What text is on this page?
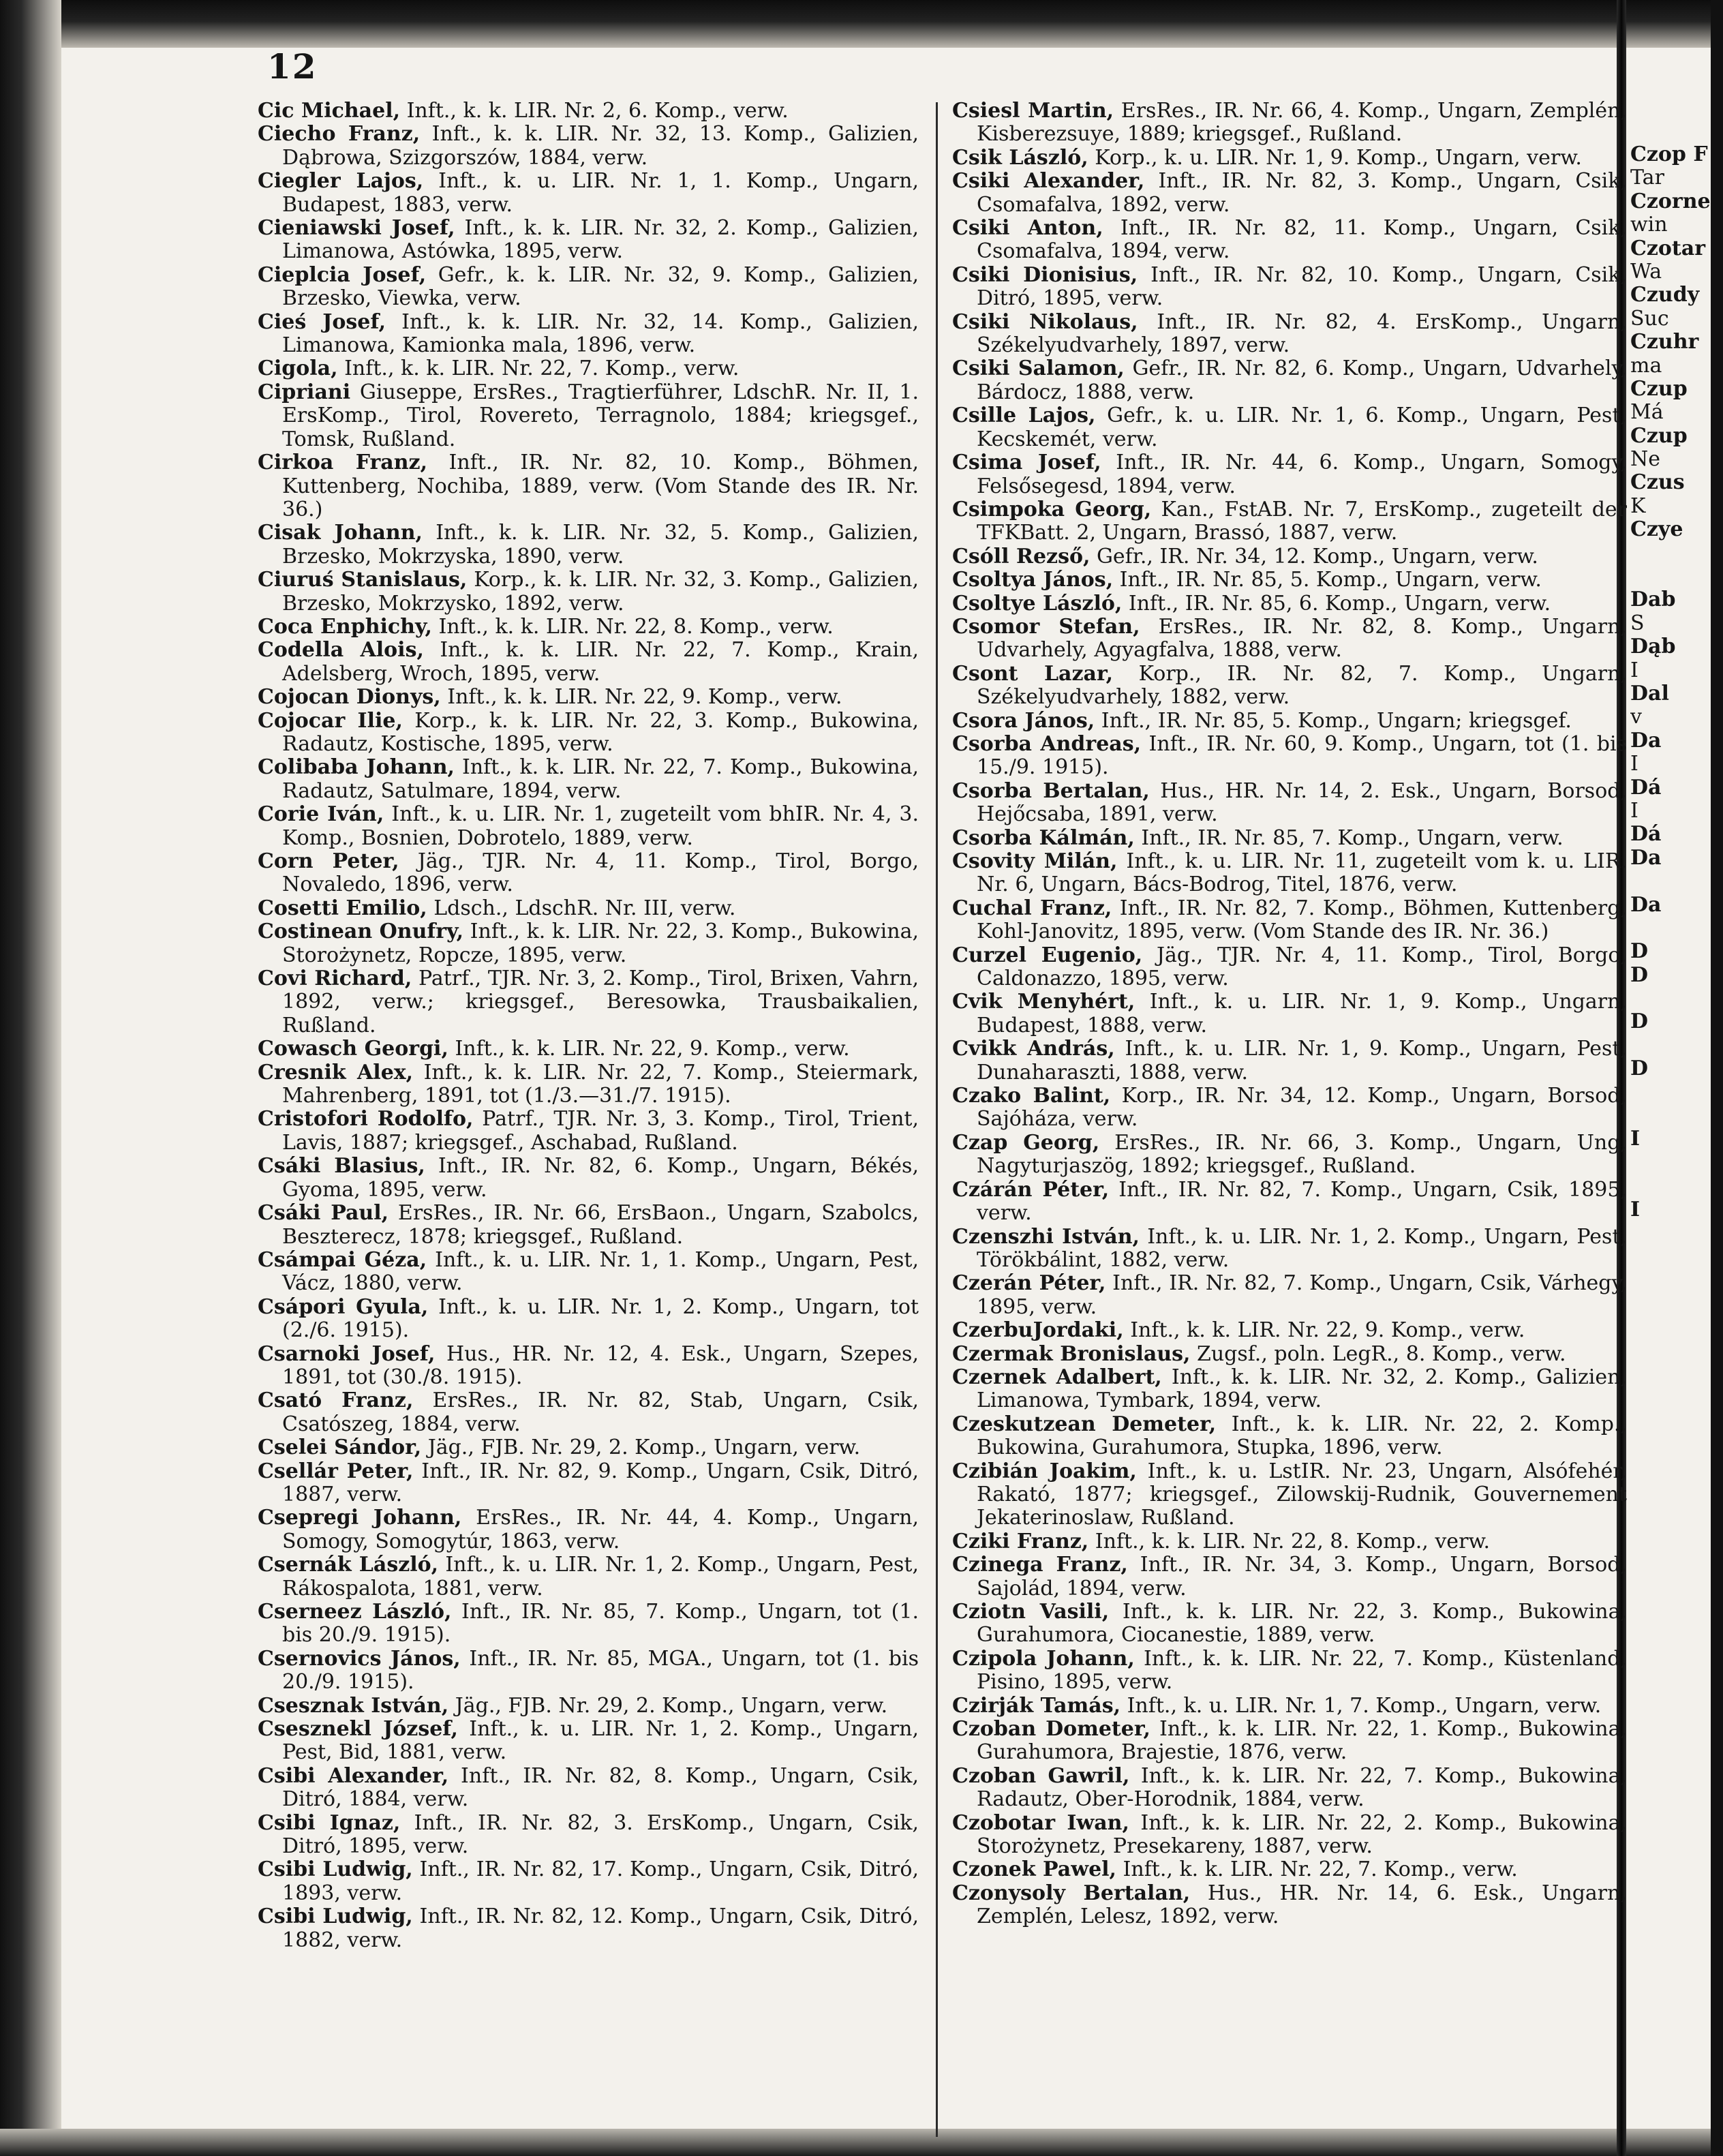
12

Cic Michael, Inft., k. k. LIR. Nr. 2, 6. Komp., verw.

Ciecho Franz, Inft., k. k. LIR. Nr. 32, 13. Komp., Galizien, Dąbrowa, Szizgorszów, 1884, verw.

Ciegler Lajos, Inft., k. u. LIR. Nr. 1, 1. Komp., Ungarn, Budapest, 1883, verw.

Cieniawski Josef, Inft., k. k. LIR. Nr. 32, 2. Komp., Galizien, Limanowa, Astówka, 1895, verw.

Cieplcia Josef, Gefr., k. k. LIR. Nr. 32, 9. Komp., Galizien, Brzesko, Viewka, verw.

Cieś Josef, Inft., k. k. LIR. Nr. 32, 14. Komp., Galizien, Limanowa, Kamionka mala, 1896, verw.

Cigola, Inft., k. k. LIR. Nr. 22, 7. Komp., verw.

Cipriani Giuseppe, ErsRes., Tragtierführer, LdschR. Nr. II, 1. ErsKomp., Tirol, Rovereto, Terragnolo, 1884; kriegsgef., Tomsk, Rußland.

Cirkoa Franz, Inft., IR. Nr. 82, 10. Komp., Böhmen, Kuttenberg, Nochiba, 1889, verw. (Vom Stande des IR. Nr. 36.)

Cisak Johann, Inft., k. k. LIR. Nr. 32, 5. Komp., Galizien, Brzesko, Mokrzyska, 1890, verw.

Ciuruś Stanislaus, Korp., k. k. LIR. Nr. 32, 3. Komp., Galizien, Brzesko, Mokrzysko, 1892, verw.

Coca Enphichy, Inft., k. k. LIR. Nr. 22, 8. Komp., verw.

Codella Alois, Inft., k. k. LIR. Nr. 22, 7. Komp., Krain, Adelsberg, Wroch, 1895, verw.

Cojocan Dionys, Inft., k. k. LIR. Nr. 22, 9. Komp., verw.

Cojocar Ilie, Korp., k. k. LIR. Nr. 22, 3. Komp., Bukowina, Radautz, Kostische, 1895, verw.

Colibaba Johann, Inft., k. k. LIR. Nr. 22, 7. Komp., Bukowina, Radautz, Satulmare, 1894, verw.

Corie Iván, Inft., k. u. LIR. Nr. 1, zugeteilt vom bhIR. Nr. 4, 3. Komp., Bosnien, Dobrotelo, 1889, verw.

Corn Peter, Jäg., TJR. Nr. 4, 11. Komp., Tirol, Borgo, Novaledo, 1896, verw.

Cosetti Emilio, Ldsch., LdschR. Nr. III, verw.

Costinean Onufry, Inft., k. k. LIR. Nr. 22, 3. Komp., Bukowina, Storożynetz, Ropcze, 1895, verw.

Covi Richard, Patrf., TJR. Nr. 3, 2. Komp., Tirol, Brixen, Vahrn, 1892, verw.; kriegsgef., Beresowka, Trausbaikalien, Rußland.

Cowasch Georgi, Inft., k. k. LIR. Nr. 22, 9. Komp., verw.

Cresnik Alex, Inft., k. k. LIR. Nr. 22, 7. Komp., Steiermark, Mahrenberg, 1891, tot (1./3.—31./7. 1915).

Cristofori Rodolfo, Patrf., TJR. Nr. 3, 3. Komp., Tirol, Trient, Lavis, 1887; kriegsgef., Aschabad, Rußland.

Csáki Blasius, Inft., IR. Nr. 82, 6. Komp., Ungarn, Békés, Gyoma, 1895, verw.

Csáki Paul, ErsRes., IR. Nr. 66, ErsBaon., Ungarn, Szabolcs, Beszterecz, 1878; kriegsgef., Rußland.

Csámpai Géza, Inft., k. u. LIR. Nr. 1, 1. Komp., Ungarn, Pest, Vácz, 1880, verw.

Csápori Gyula, Inft., k. u. LIR. Nr. 1, 2. Komp., Ungarn, tot (2./6. 1915).

Csarnoki Josef, Hus., HR. Nr. 12, 4. Esk., Ungarn, Szepes, 1891, tot (30./8. 1915).

Csató Franz, ErsRes., IR. Nr. 82, Stab, Ungarn, Csik, Csatószeg, 1884, verw.

Cselei Sándor, Jäg., FJB. Nr. 29, 2. Komp., Ungarn, verw.

Csellár Peter, Inft., IR. Nr. 82, 9. Komp., Ungarn, Csik, Ditró, 1887, verw.

Csepregi Johann, ErsRes., IR. Nr. 44, 4. Komp., Ungarn, Somogy, Somogytúr, 1863, verw.

Csernák László, Inft., k. u. LIR. Nr. 1, 2. Komp., Ungarn, Pest, Rákospalota, 1881, verw.

Cserneez László, Inft., IR. Nr. 85, 7. Komp., Ungarn, tot (1. bis 20./9. 1915).

Csernovics János, Inft., IR. Nr. 85, MGA., Ungarn, tot (1. bis 20./9. 1915).

Csesznak István, Jäg., FJB. Nr. 29, 2. Komp., Ungarn, verw.

Csesznekl József, Inft., k. u. LIR. Nr. 1, 2. Komp., Ungarn, Pest, Bid, 1881, verw.

Csibi Alexander, Inft., IR. Nr. 82, 8. Komp., Ungarn, Csik, Ditró, 1884, verw.

Csibi Ignaz, Inft., IR. Nr. 82, 3. ErsKomp., Ungarn, Csik, Ditró, 1895, verw.

Csibi Ludwig, Inft., IR. Nr. 82, 17. Komp., Ungarn, Csik, Ditró, 1893, verw.

Csibi Ludwig, Inft., IR. Nr. 82, 12. Komp., Ungarn, Csik, Ditró, 1882, verw.

Csiesl Martin, ErsRes., IR. Nr. 66, 4. Komp., Ungarn, Zemplén, Kisberezsuye, 1889; kriegsgef., Rußland.

Csik László, Korp., k. u. LIR. Nr. 1, 9. Komp., Ungarn, verw.

Csiki Alexander, Inft., IR. Nr. 82, 3. Komp., Ungarn, Csik, Csomafalva, 1892, verw.

Csiki Anton, Inft., IR. Nr. 82, 11. Komp., Ungarn, Csik, Csomafalva, 1894, verw.

Csiki Dionisius, Inft., IR. Nr. 82, 10. Komp., Ungarn, Csik, Ditró, 1895, verw.

Csiki Nikolaus, Inft., IR. Nr. 82, 4. ErsKomp., Ungarn, Székelyudvarhely, 1897, verw.

Csiki Salamon, Gefr., IR. Nr. 82, 6. Komp., Ungarn, Udvarhely, Bárdocz, 1888, verw.

Csille Lajos, Gefr., k. u. LIR. Nr. 1, 6. Komp., Ungarn, Pest, Kecskemét, verw.

Csima Josef, Inft., IR. Nr. 44, 6. Komp., Ungarn, Somogy, Felsősegesd, 1894, verw.

Csimpoka Georg, Kan., FstAB. Nr. 7, ErsKomp., zugeteilt der TFKBatt. 2, Ungarn, Brassó, 1887, verw.

Csóll Rezső, Gefr., IR. Nr. 34, 12. Komp., Ungarn, verw.

Csoltya János, Inft., IR. Nr. 85, 5. Komp., Ungarn, verw.

Csoltye László, Inft., IR. Nr. 85, 6. Komp., Ungarn, verw.

Csomor Stefan, ErsRes., IR. Nr. 82, 8. Komp., Ungarn, Udvarhely, Agyagfalva, 1888, verw.

Csont Lazar, Korp., IR. Nr. 82, 7. Komp., Ungarn, Székelyudvarhely, 1882, verw.

Csora János, Inft., IR. Nr. 85, 5. Komp., Ungarn; kriegsgef.

Csorba Andreas, Inft., IR. Nr. 60, 9. Komp., Ungarn, tot (1. bis 15./9. 1915).

Csorba Bertalan, Hus., HR. Nr. 14, 2. Esk., Ungarn, Borsod, Hejőcsaba, 1891, verw.

Csorba Kálmán, Inft., IR. Nr. 85, 7. Komp., Ungarn, verw.

Csovity Milán, Inft., k. u. LIR. Nr. 11, zugeteilt vom k. u. LIR. Nr. 6, Ungarn, Bács-Bodrog, Titel, 1876, verw.

Cuchal Franz, Inft., IR. Nr. 82, 7. Komp., Böhmen, Kuttenberg, Kohl-Janovitz, 1895, verw. (Vom Stande des IR. Nr. 36.)

Curzel Eugenio, Jäg., TJR. Nr. 4, 11. Komp., Tirol, Borgo, Caldonazzo, 1895, verw.

Cvik Menyhért, Inft., k. u. LIR. Nr. 1, 9. Komp., Ungarn, Budapest, 1888, verw.

Cvikk András, Inft., k. u. LIR. Nr. 1, 9. Komp., Ungarn, Pest, Dunaharaszti, 1888, verw.

Czako Balint, Korp., IR. Nr. 34, 12. Komp., Ungarn, Borsod, Sajóháza, verw.

Czap Georg, ErsRes., IR. Nr. 66, 3. Komp., Ungarn, Ung, Nagyturjaszög, 1892; kriegsgef., Rußland.

Czárán Péter, Inft., IR. Nr. 82, 7. Komp., Ungarn, Csik, 1895, verw.

Czenszhi István, Inft., k. u. LIR. Nr. 1, 2. Komp., Ungarn, Pest, Törökbálint, 1882, verw.

Czerán Péter, Inft., IR. Nr. 82, 7. Komp., Ungarn, Csik, Várhegy, 1895, verw.

CzerbuJordaki, Inft., k. k. LIR. Nr. 22, 9. Komp., verw.

Czermak Bronislaus, Zugsf., poln. LegR., 8. Komp., verw.

Czernek Adalbert, Inft., k. k. LIR. Nr. 32, 2. Komp., Galizien, Limanowa, Tymbark, 1894, verw.

Czeskutzean Demeter, Inft., k. k. LIR. Nr. 22, 2. Komp., Bukowina, Gurahumora, Stupka, 1896, verw.

Czibián Joakim, Inft., k. u. LstIR. Nr. 23, Ungarn, Alsófehér, Rakató, 1877; kriegsgef., Zilowskij-Rudnik, Gouvernement Jekaterinoslaw, Rußland.

Cziki Franz, Inft., k. k. LIR. Nr. 22, 8. Komp., verw.

Czinega Franz, Inft., IR. Nr. 34, 3. Komp., Ungarn, Borsod, Sajolád, 1894, verw.

Cziotn Vasili, Inft., k. k. LIR. Nr. 22, 3. Komp., Bukowina, Gurahumora, Ciocanestie, 1889, verw.

Czipola Johann, Inft., k. k. LIR. Nr. 22, 7. Komp., Küstenland, Pisino, 1895, verw.

Czirják Tamás, Inft., k. u. LIR. Nr. 1, 7. Komp., Ungarn, verw.

Czoban Dometer, Inft., k. k. LIR. Nr. 22, 1. Komp., Bukowina, Gurahumora, Brajestie, 1876, verw.

Czoban Gawril, Inft., k. k. LIR. Nr. 22, 7. Komp., Bukowina, Radautz, Ober-Horodnik, 1884, verw.

Czobotar Iwan, Inft., k. k. LIR. Nr. 22, 2. Komp., Bukowina, Storożynetz, Presekareny, 1887, verw.

Czonek Pawel, Inft., k. k. LIR. Nr. 22, 7. Komp., verw.

Czonysoly Bertalan, Hus., HR. Nr. 14, 6. Esk., Ungarn, Zemplén, Lelesz, 1892, verw.

Czop F
Tar
Czorne
win
Czotar
Wa
Czudy
Suc
Czuhr
ma
Czup
Má
Czup
Ne
Czus
K
Czye
Dab
S
Dąb
I
Dal
v
Da
I
Dá
I
Dá
Da
Da
D
D
D
D
I
I
